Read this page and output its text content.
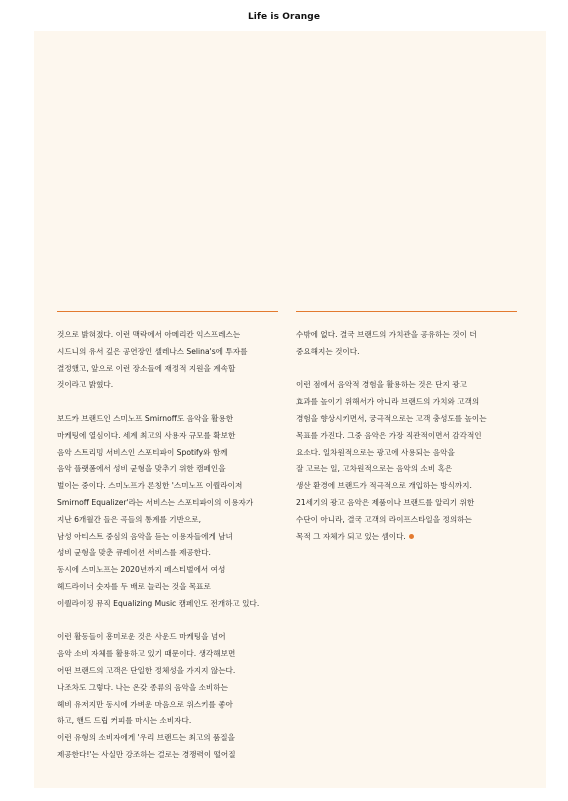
Life is Orange
것으로 밝혀졌다. 이런 맥락에서 아메리칸 익스프레스는
시드니의 유서 깊은 공연장인 셀레나스 Selina's에 투자를
결정했고, 앞으로 이런 장소들에 재정적 지원을 계속할
것이라고 밝혔다.
보드카 브랜드인 스미노프 Smirnoff도 음악을 활용한
마케팅에 열심이다. 세계 최고의 사용자 규모를 확보한
음악 스트리밍 서비스인 스포티파이 Spotify와 함께
음악 플랫폼에서 성비 균형을 맞추기 위한 캠페인을
벌이는 중이다. 스미노프가 론칭한 '스미노프 이퀄라이저
Smirnoff Equalizer'라는 서비스는 스포티파이의 이용자가
지난 6개월간 들은 곡들의 통계를 기반으로,
남성 아티스트 중심의 음악을 듣는 이용자들에게 남녀
성비 균형을 맞춘 큐레이션 서비스를 제공한다.
동시에 스미노프는 2020년까지 페스티벌에서 여성
헤드라이너 숫자를 두 배로 늘리는 것을 목표로
이퀄라이징 뮤직 Equalizing Music 캠페인도 전개하고 있다.
이런 활동들이 흥미로운 것은 사운드 마케팅을 넘어
음악 소비 자체를 활용하고 있기 때문이다. 생각해보면
어떤 브랜드의 고객은 단일한 정체성을 가지지 않는다.
나조차도 그렇다. 나는 온갖 종류의 음악을 소비하는
헤비 유저지만 동시에 가벼운 마음으로 위스키를 좋아
하고, 핸드 드립 커피를 마시는 소비자다.
이런 유형의 소비자에게 '우리 브랜드는 최고의 품질을
제공한다!'는 사실만 강조하는 걸로는 경쟁력이 떨어질
수밖에 없다. 결국 브랜드의 가치관을 공유하는 것이 더
중요해지는 것이다.
이런 점에서 음악적 경험을 활용하는 것은 단지 광고
효과를 높이기 위해서가 아니라 브랜드의 가치와 고객의
경험을 향상시키면서, 궁극적으로는 고객 충성도를 높이는
목표를 가진다. 그중 음악은 가장 직관적이면서 감각적인
요소다. 일차원적으로는 광고에 사용되는 음악을
잘 고르는 일, 고차원적으로는 음악의 소비 혹은
생산 환경에 브랜드가 적극적으로 개입하는 방식까지.
21세기의 광고 음악은 제품이나 브랜드를 알리기 위한
수단이 아니라, 결국 고객의 라이프스타일을 정의하는
목적 그 자체가 되고 있는 셈이다.
